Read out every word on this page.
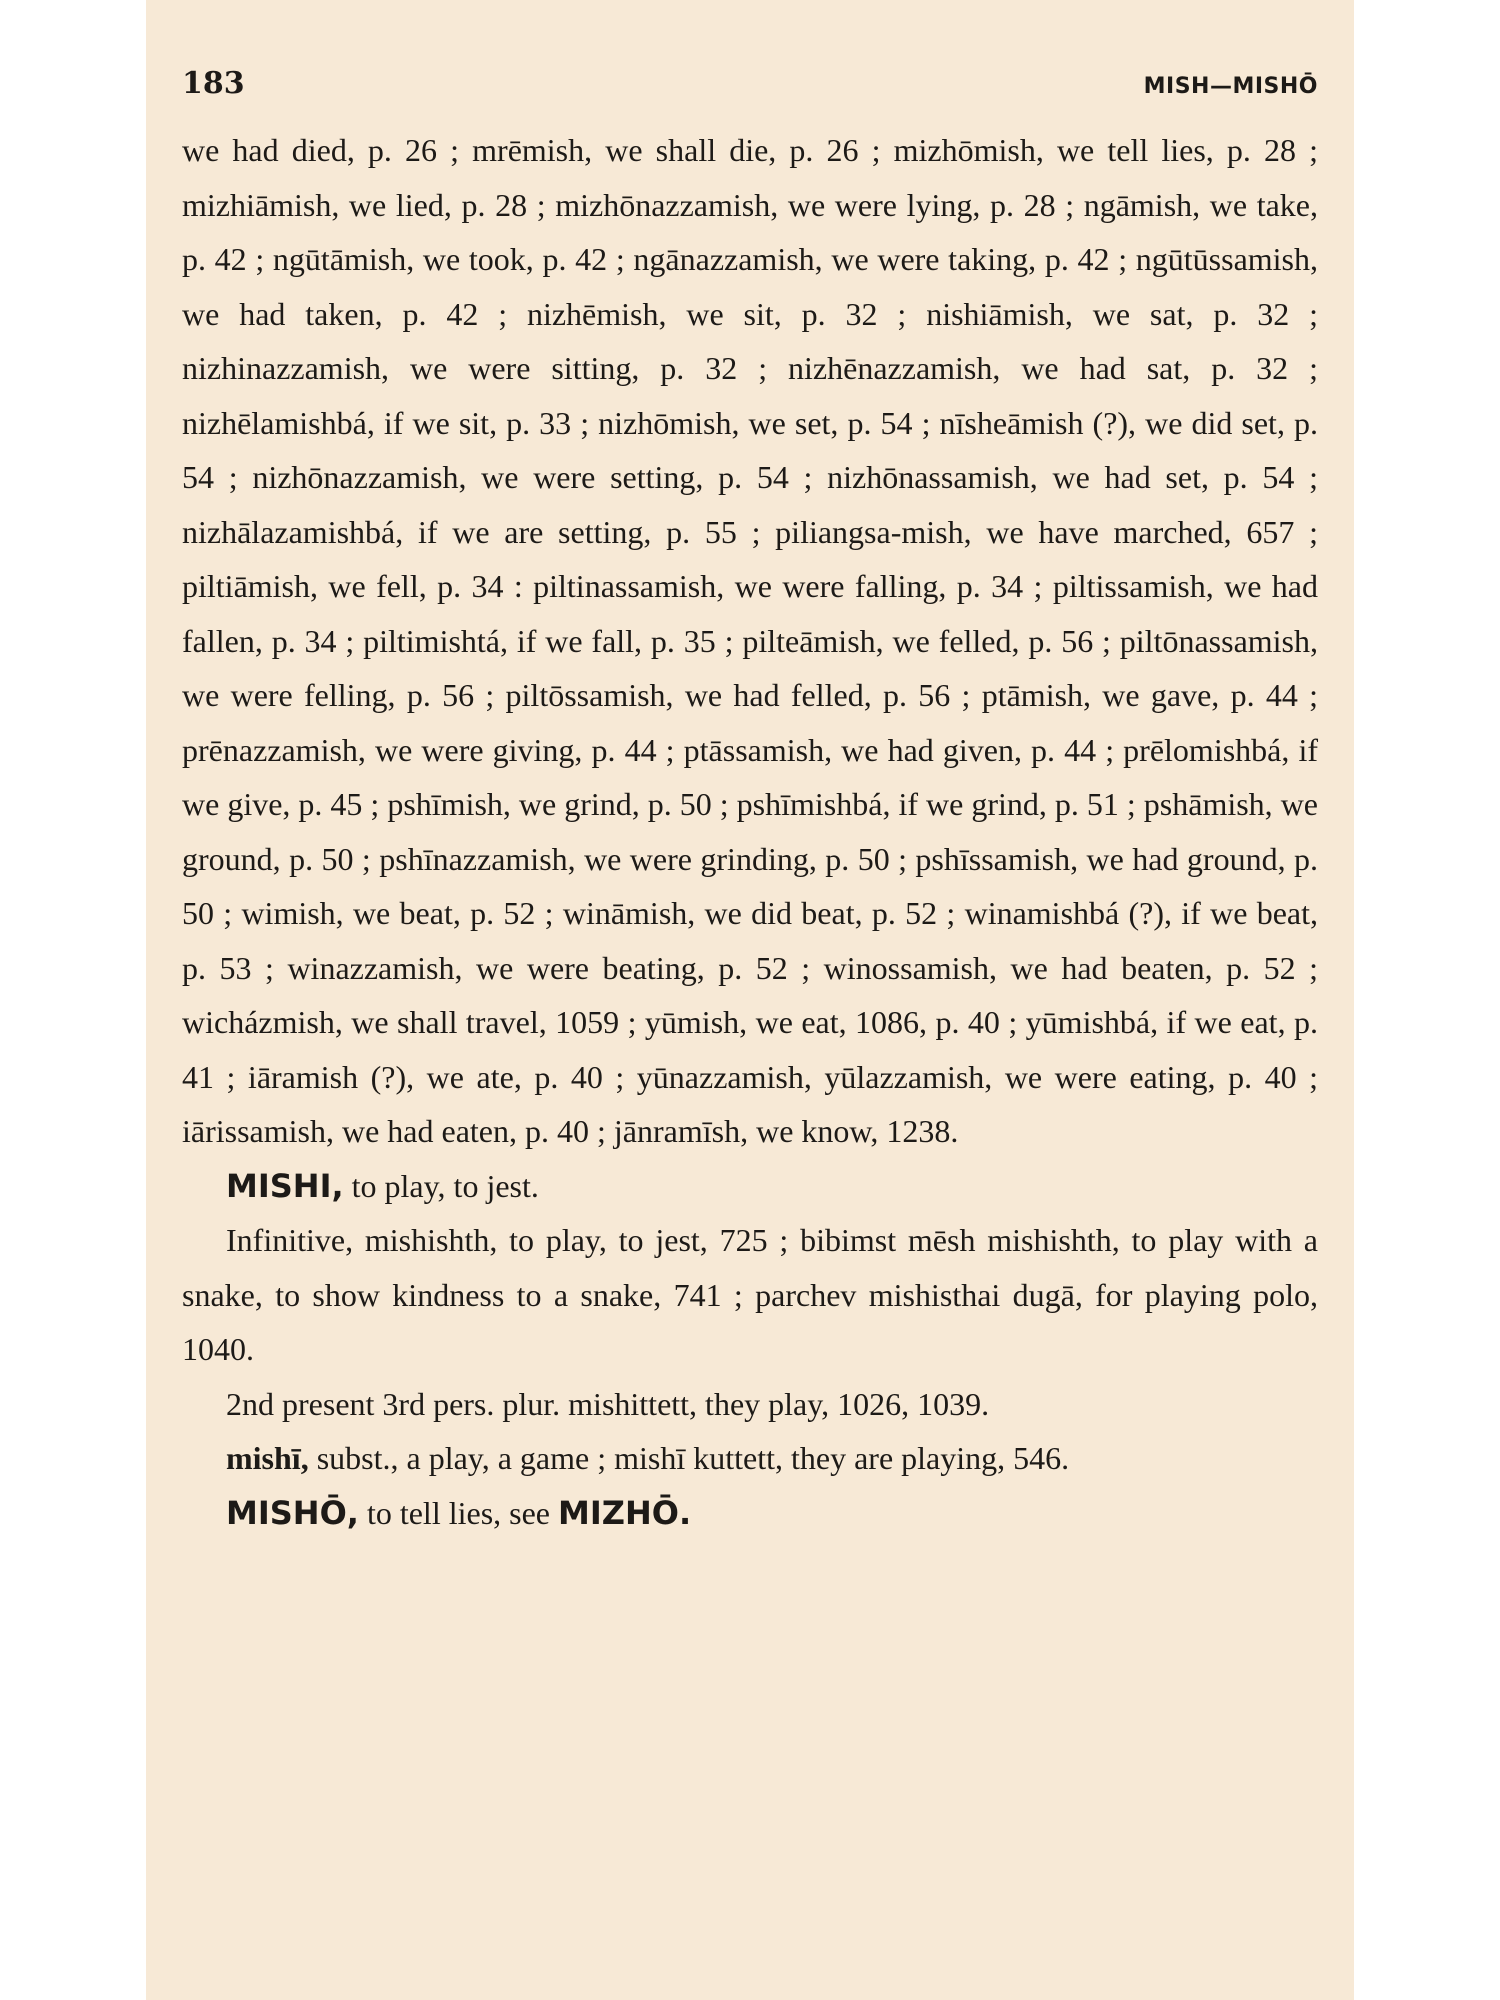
183	MISH—MISHŌ

we had died, p. 26 ; mrēmish, we shall die, p. 26 ; mizhōmish, we tell lies, p. 28 ; mizhiāmish, we lied, p. 28 ; mizhōnazzamish, we were lying, p. 28 ; ngāmish, we take, p. 42 ; ngūtāmish, we took, p. 42 ; ngānazzamish, we were taking, p. 42 ; ngūtūssamish, we had taken, p. 42 ; nizhēmish, we sit, p. 32 ; nishiāmish, we sat, p. 32 ; nizhinazzamish, we were sitting, p. 32 ; nizhēnazzamish, we had sat, p. 32 ; nizhēlamishbá, if we sit, p. 33 ; nizhōmish, we set, p. 54 ; nīsheāmish (?), we did set, p. 54 ; nizhōnazzamish, we were setting, p. 54 ; nizhōnassamish, we had set, p. 54 ; nizhālazamishbá, if we are setting, p. 55 ; piliangsa-mish, we have marched, 657 ; piltiāmish, we fell, p. 34 : piltinassamish, we were falling, p. 34 ; piltissamish, we had fallen, p. 34 ; piltimishtá, if we fall, p. 35 ; pilteāmish, we felled, p. 56 ; piltōnassamish, we were felling, p. 56 ; piltōssamish, we had felled, p. 56 ; ptāmish, we gave, p. 44 ; prēnazzamish, we were giving, p. 44 ; ptāssamish, we had given, p. 44 ; prēlomishbá, if we give, p. 45 ; pshīmish, we grind, p. 50 ; pshīmishbá, if we grind, p. 51 ; pshāmish, we ground, p. 50 ; pshīnazzamish, we were grinding, p. 50 ; pshīssamish, we had ground, p. 50 ; wimish, we beat, p. 52 ; wināmish, we did beat, p. 52 ; winamishbá (?), if we beat, p. 53 ; winazzamish, we were beating, p. 52 ; winossamish, we had beaten, p. 52 ; wicházmish, we shall travel, 1059 ; yūmish, we eat, 1086, p. 40 ; yūmishbá, if we eat, p. 41 ; iāramish (?), we ate, p. 40 ; yūnazzamish, yūlazzamish, we were eating, p. 40 ; iārissamish, we had eaten, p. 40 ; jānramīsh, we know, 1238.

MISHI, to play, to jest.

Infinitive, mishishth, to play, to jest, 725 ; bibimst mēsh mishishth, to play with a snake, to show kindness to a snake, 741 ; parchev mishisthai dugā, for playing polo, 1040.

2nd present 3rd pers. plur. mishittett, they play, 1026, 1039.

mishī, subst., a play, a game ; mishī kuttett, they are playing, 546.

MISHŌ, to tell lies, see MIZHŌ.
